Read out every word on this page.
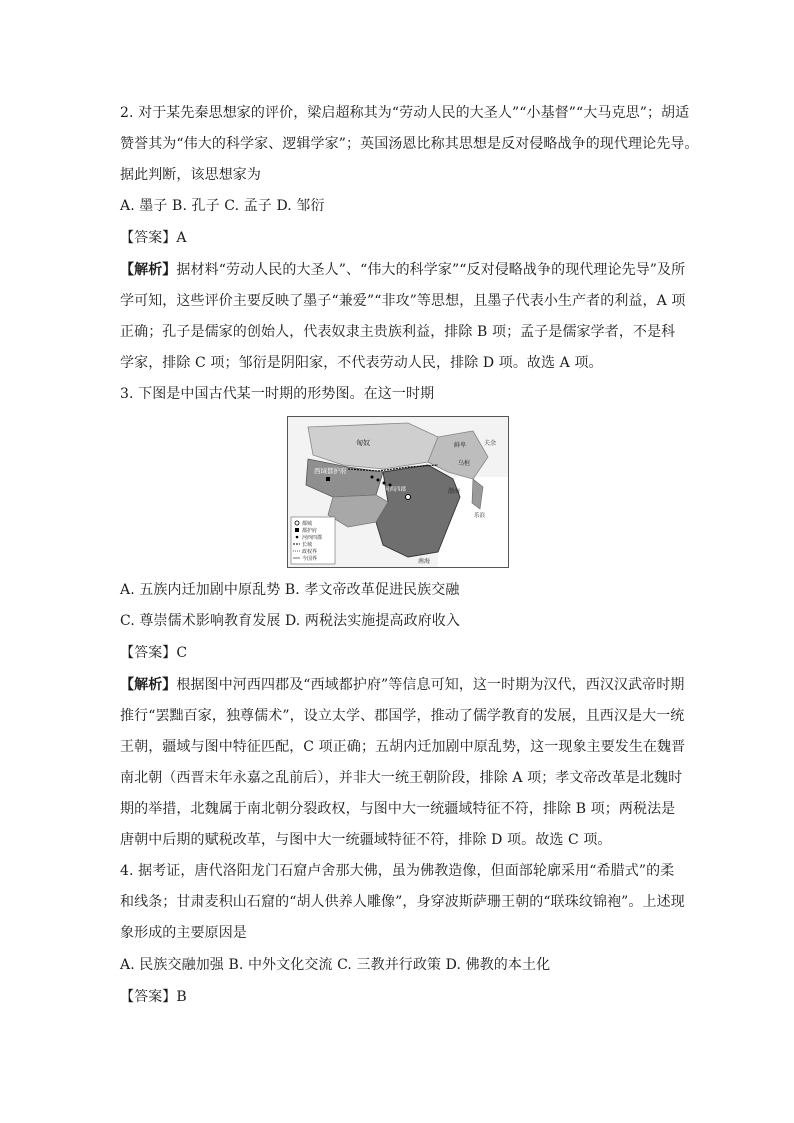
2. 对于某先秦思想家的评价，梁启超称其为“劳动人民的大圣人”“小基督”“大马克思”；胡适
赞誉其为“伟大的科学家、逻辑学家”；英国汤恩比称其思想是反对侵略战争的现代理论先导。
据此判断，该思想家为
A. 墨子 B. 孔子 C. 孟子 D. 邹衍
【答案】A
【解析】据材料“劳动人民的大圣人”、“伟大的科学家”“反对侵略战争的现代理论先导”及所
学可知，这些评价主要反映了墨子“兼爱”“非攻”等思想，且墨子代表小生产者的利益，A 项
正确；孔子是儒家的创始人，代表奴隶主贵族利益，排除 B 项；孟子是儒家学者，不是科
学家，排除 C 项；邹衍是阴阳家，不代表劳动人民，排除 D 项。故选 A 项。
3. 下图是中国古代某一时期的形势图。在这一时期
匈奴	鲜卑
乌桓
夫余
西域都护府
河西四郡
乐浪
南海
渤海
都城
都护府
河西四郡
长城
政权界
今国界
A. 五族内迁加剧中原乱势 B. 孝文帝改革促进民族交融
C. 尊崇儒术影响教育发展 D. 两税法实施提高政府收入
【答案】C
【解析】根据图中河西四郡及“西域都护府”等信息可知，这一时期为汉代，西汉汉武帝时期
推行“罢黜百家，独尊儒术”，设立太学、郡国学，推动了儒学教育的发展，且西汉是大一统
王朝，疆域与图中特征匹配，C 项正确；五胡内迁加剧中原乱势，这一现象主要发生在魏晋
南北朝（西晋末年永嘉之乱前后），并非大一统王朝阶段，排除 A 项；孝文帝改革是北魏时
期的举措，北魏属于南北朝分裂政权，与图中大一统疆域特征不符，排除 B 项；两税法是
唐朝中后期的赋税改革，与图中大一统疆域特征不符，排除 D 项。故选 C 项。
4. 据考证，唐代洛阳龙门石窟卢舍那大佛，虽为佛教造像，但面部轮廓采用“希腊式”的柔
和线条；甘肃麦积山石窟的“胡人供养人雕像”，身穿波斯萨珊王朝的“联珠纹锦袍”。上述现
象形成的主要原因是
A. 民族交融加强 B. 中外文化交流 C. 三教并行政策 D. 佛教的本土化
【答案】B
